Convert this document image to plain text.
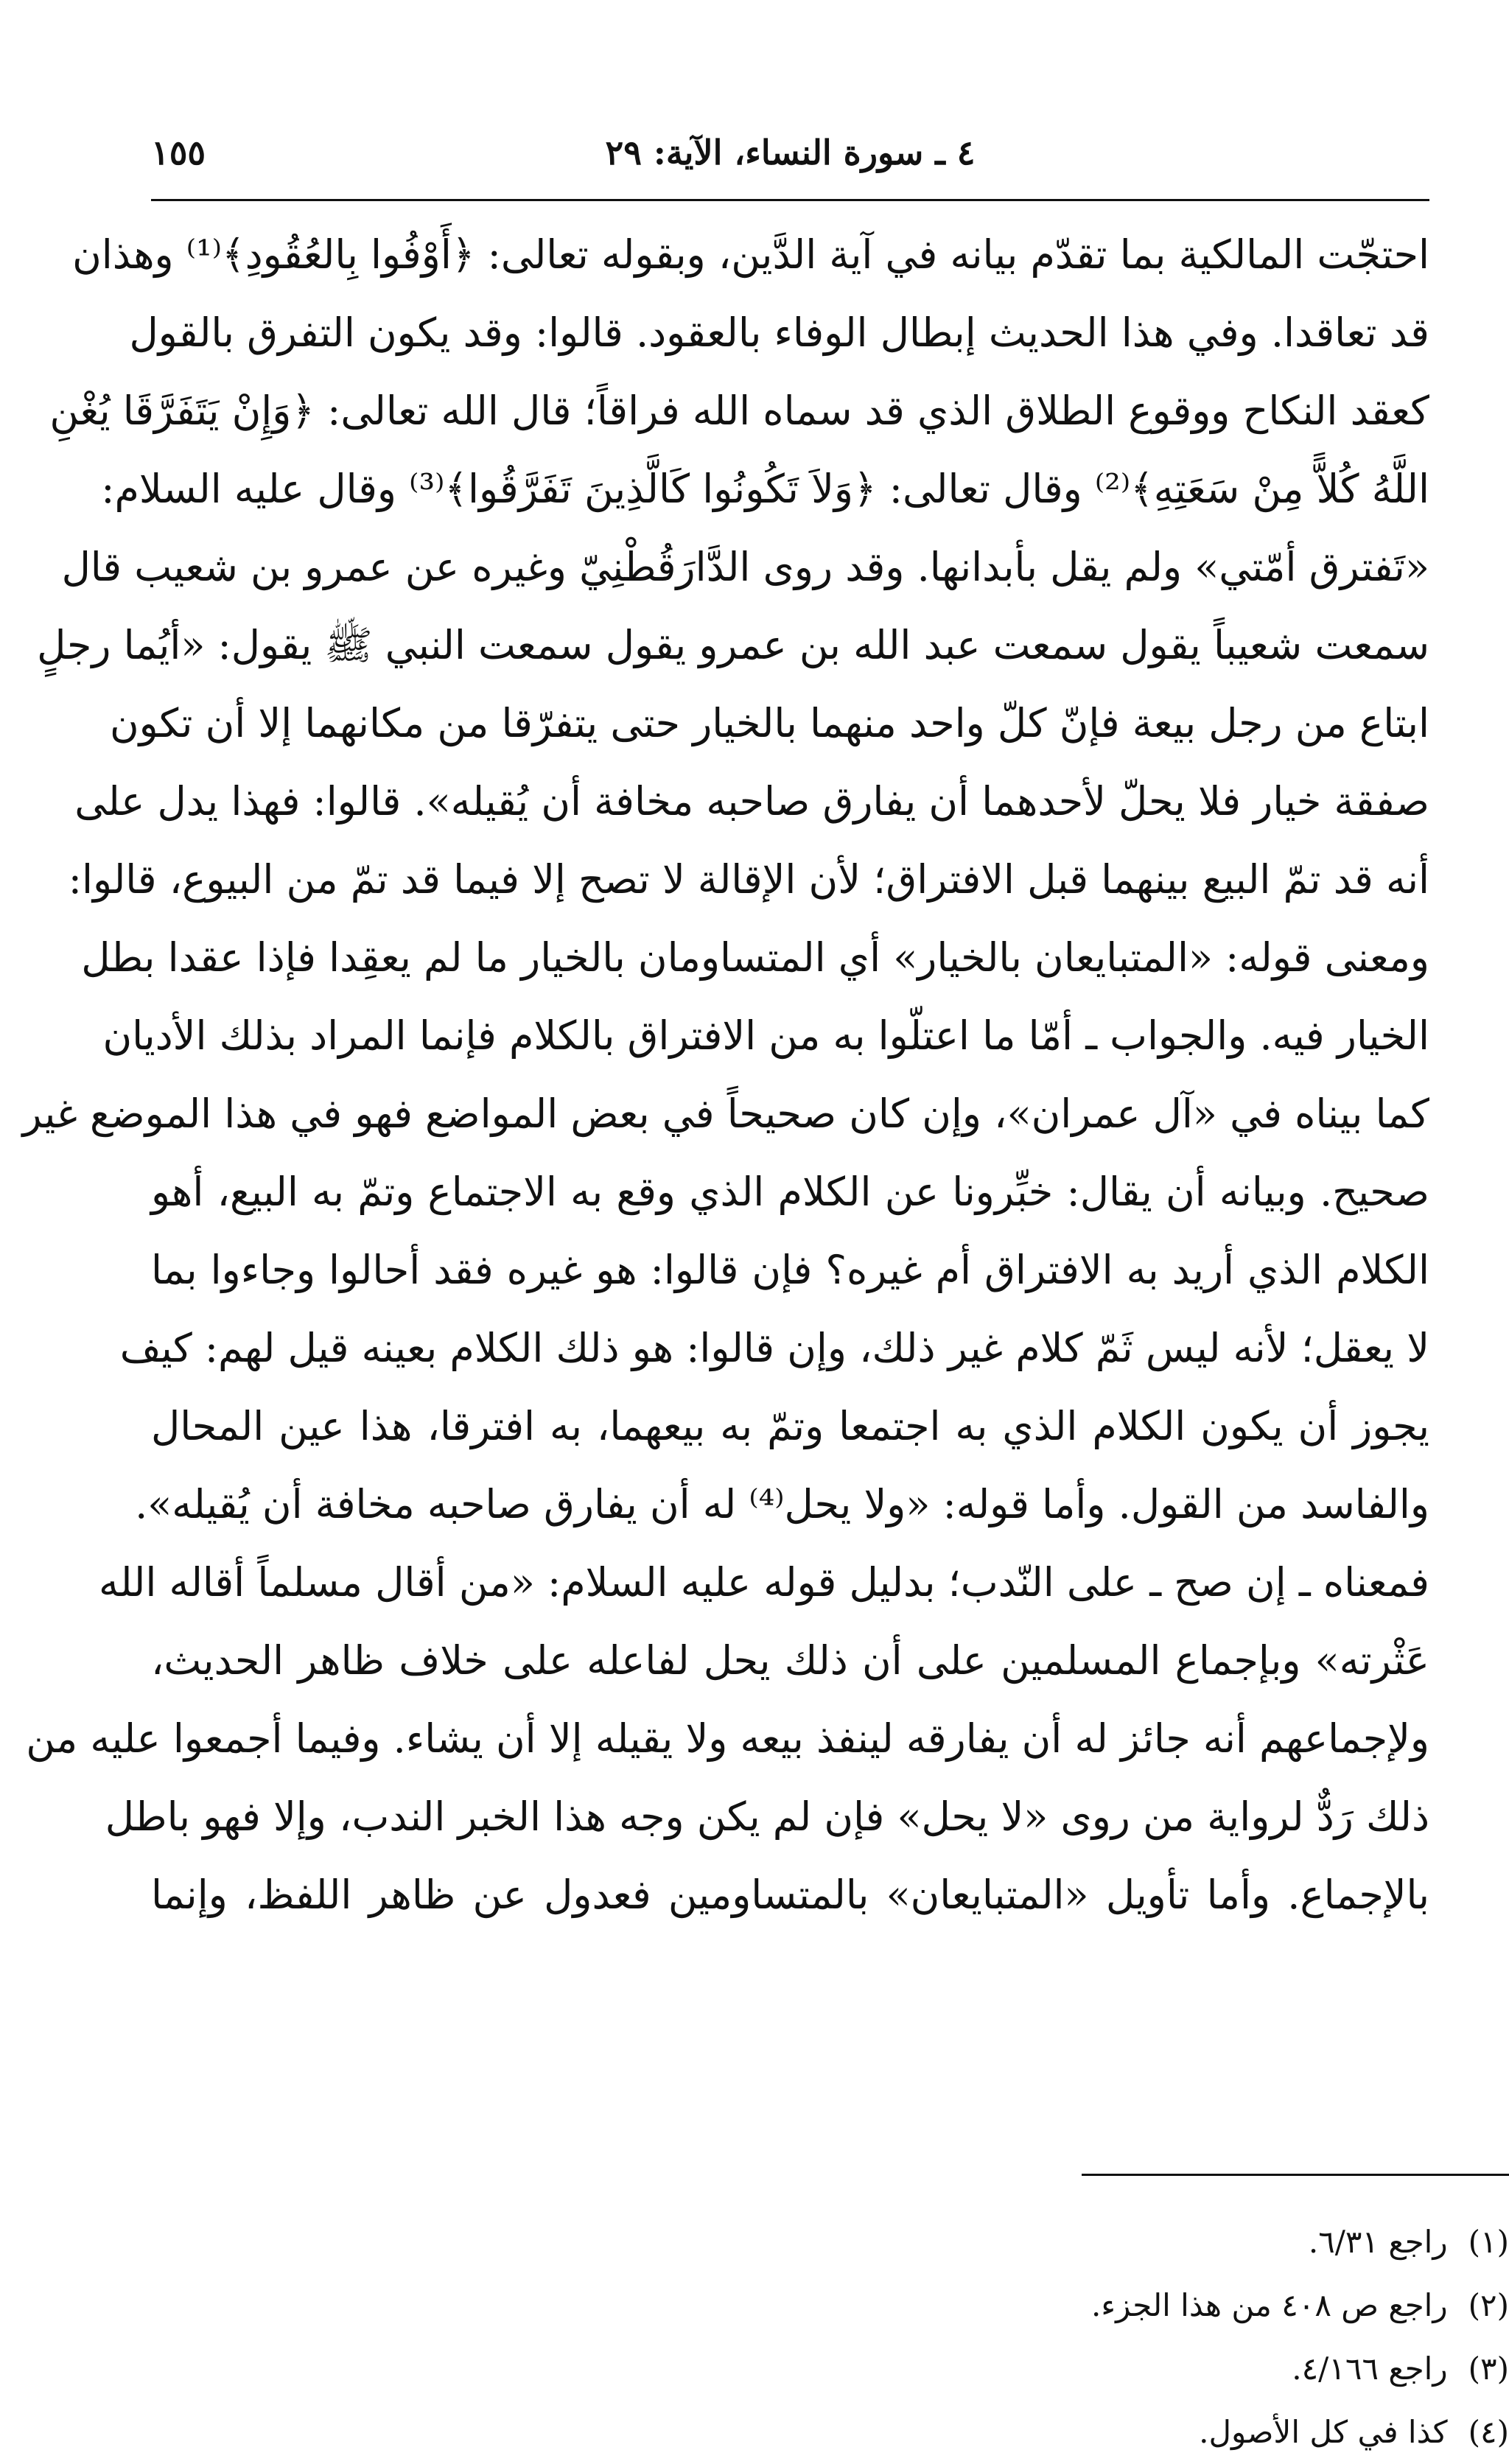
٤ ـ سورة النساء، الآية: ٢٩
١٥٥
احتجّت المالكية بما تقدّم بيانه في آية الدَّين، وبقوله تعالى: ﴿أَوْفُوا بِالعُقُودِ﴾⁽¹⁾ وهذان
قد تعاقدا. وفي هذا الحديث إبطال الوفاء بالعقود. قالوا: وقد يكون التفرق بالقول
كعقد النكاح ووقوع الطلاق الذي قد سماه الله فراقاً؛ قال الله تعالى: ﴿وَإِنْ يَتَفَرَّقَا يُغْنِ
اللَّهُ كُلاًّ مِنْ سَعَتِهِ﴾⁽²⁾ وقال تعالى: ﴿وَلاَ تَكُونُوا كَالَّذِينَ تَفَرَّقُوا﴾⁽³⁾ وقال عليه السلام:
«تَفترق أمّتي» ولم يقل بأبدانها. وقد روى الدَّارَقُطْنِيّ وغيره عن عمرو بن شعيب قال
سمعت شعيباً يقول سمعت عبد الله بن عمرو يقول سمعت النبي ﷺ يقول: «أيُما رجلٍ
ابتاع من رجل بيعة فإنّ كلّ واحد منهما بالخيار حتى يتفرّقا من مكانهما إلا أن تكون
صفقة خيار فلا يحلّ لأحدهما أن يفارق صاحبه مخافة أن يُقيله». قالوا: فهذا يدل على
أنه قد تمّ البيع بينهما قبل الافتراق؛ لأن الإقالة لا تصح إلا فيما قد تمّ من البيوع، قالوا:
ومعنى قوله: «المتبايعان بالخيار» أي المتساومان بالخيار ما لم يعقِدا فإذا عقدا بطل
الخيار فيه. والجواب ـ أمّا ما اعتلّوا به من الافتراق بالكلام فإنما المراد بذلك الأديان
كما بيناه في «آل عمران»، وإن كان صحيحاً في بعض المواضع فهو في هذا الموضع غير
صحيح. وبيانه أن يقال: خبِّرونا عن الكلام الذي وقع به الاجتماع وتمّ به البيع، أهو
الكلام الذي أريد به الافتراق أم غيره؟ فإن قالوا: هو غيره فقد أحالوا وجاءوا بما
لا يعقل؛ لأنه ليس ثَمّ كلام غير ذلك، وإن قالوا: هو ذلك الكلام بعينه قيل لهم: كيف
يجوز أن يكون الكلام الذي به اجتمعا وتمّ به بيعهما، به افترقا، هذا عين المحال
والفاسد من القول. وأما قوله: «ولا يحل⁽⁴⁾ له أن يفارق صاحبه مخافة أن يُقيله».
فمعناه ـ إن صح ـ على النّدب؛ بدليل قوله عليه السلام: «من أقال مسلماً أقاله الله
عَثْرته» وبإجماع المسلمين على أن ذلك يحل لفاعله على خلاف ظاهر الحديث،
ولإجماعهم أنه جائز له أن يفارقه لينفذ بيعه ولا يقيله إلا أن يشاء. وفيما أجمعوا عليه من
ذلك رَدٌّ لرواية من روى «لا يحل» فإن لم يكن وجه هذا الخبر الندب، وإلا فهو باطل
بالإجماع. وأما تأويل «المتبايعان» بالمتساومين فعدول عن ظاهر اللفظ، وإنما
(١) راجع ٦/٣١.
(٢) راجع ص ٤٠٨ من هذا الجزء.
(٣) راجع ٤/١٦٦.
(٤) كذا في كل الأصول.
